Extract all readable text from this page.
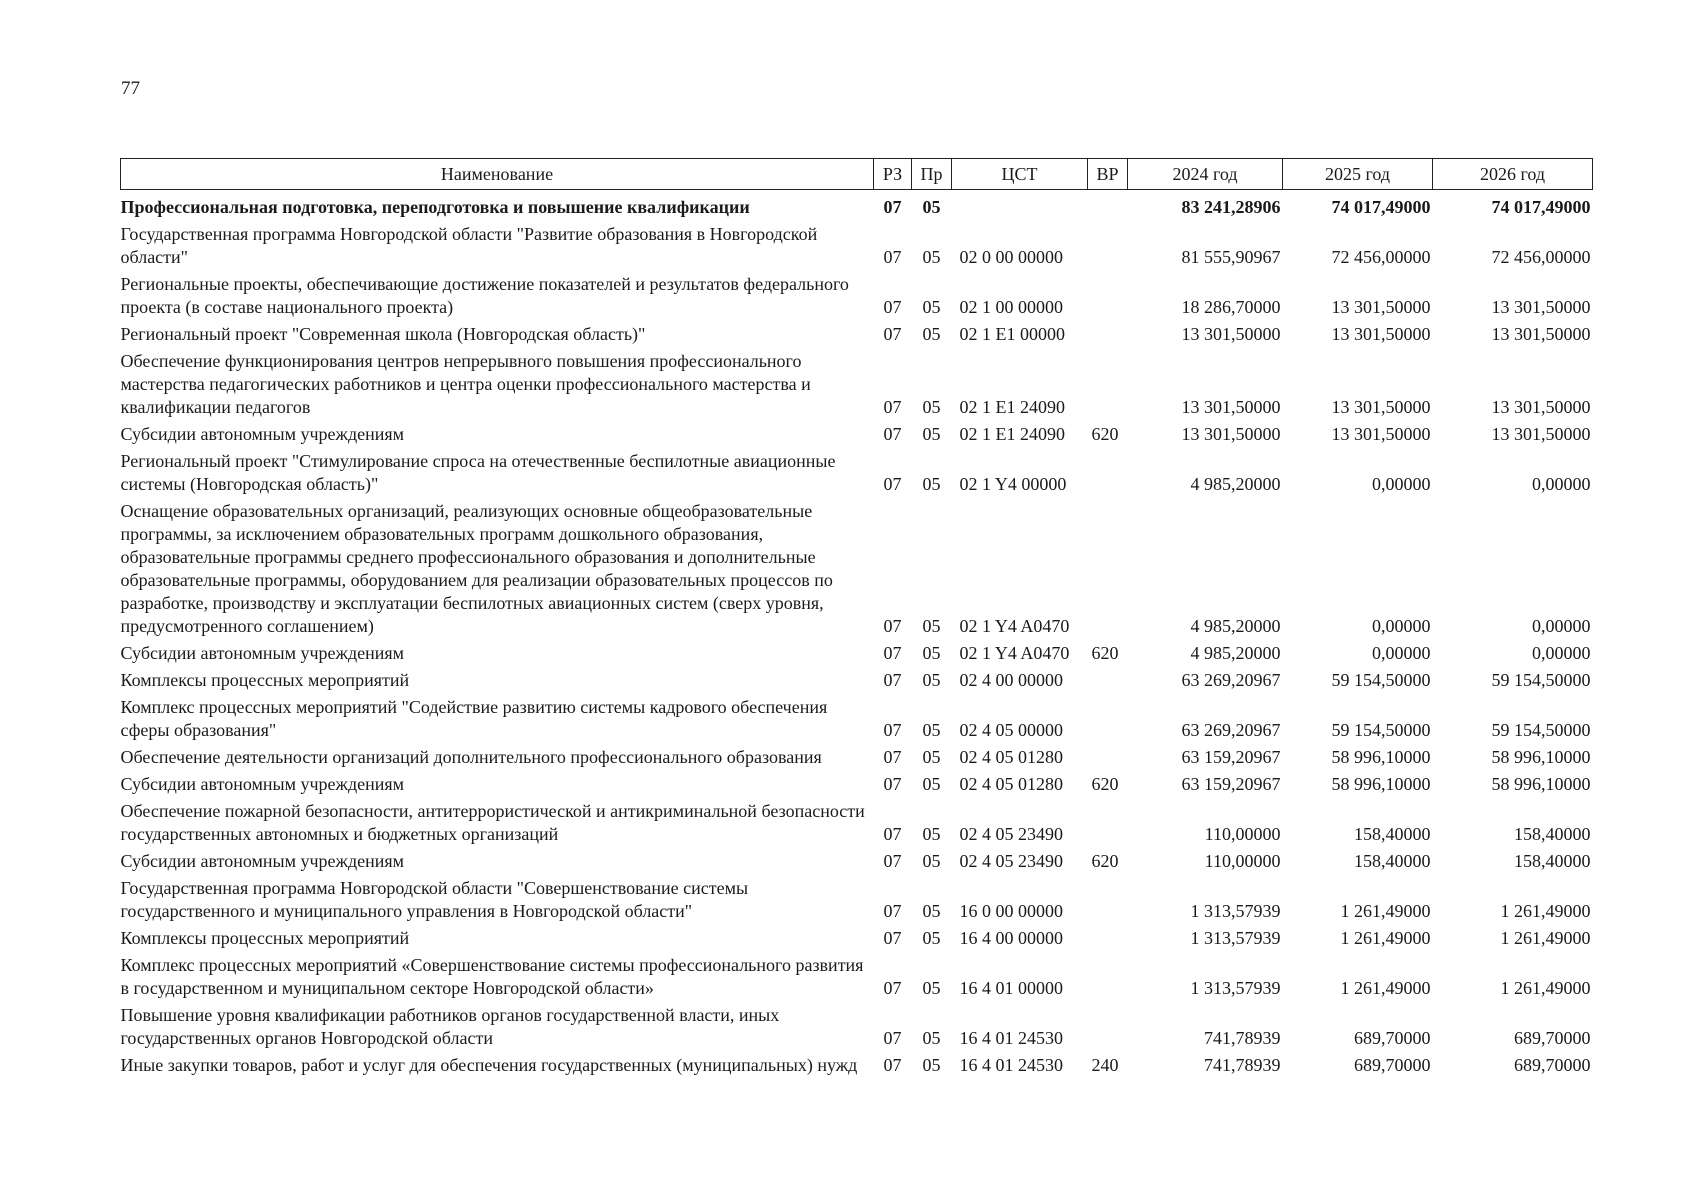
77
Наименование	РЗ	Пр	ЦСТ	ВР	2024 год	2025 год	2026 год
Профессиональная подготовка, переподготовка и повышение квалификации	07	05			83 241,28906	74 017,49000	74 017,49000
Государственная программа Новгородской области "Развитие образования в Новгородской области"	07	05	02 0 00 00000		81 555,90967	72 456,00000	72 456,00000
Региональные проекты, обеспечивающие достижение показателей и результатов федерального проекта (в составе национального проекта)	07	05	02 1 00 00000		18 286,70000	13 301,50000	13 301,50000
Региональный проект "Современная школа (Новгородская область)"	07	05	02 1 E1 00000		13 301,50000	13 301,50000	13 301,50000
Обеспечение функционирования центров непрерывного повышения профессионального мастерства педагогических работников и центра оценки профессионального мастерства и квалификации педагогов	07	05	02 1 E1 24090		13 301,50000	13 301,50000	13 301,50000
Субсидии автономным учреждениям	07	05	02 1 E1 24090	620	13 301,50000	13 301,50000	13 301,50000
Региональный проект "Стимулирование спроса на отечественные беспилотные авиационные системы (Новгородская область)"	07	05	02 1 Y4 00000		4 985,20000	0,00000	0,00000
Оснащение образовательных организаций, реализующих основные общеобразовательные программы, за исключением образовательных программ дошкольного образования, образовательные программы среднего профессионального образования и дополнительные образовательные программы, оборудованием для реализации образовательных процессов по разработке, производству и эксплуатации беспилотных авиационных систем (сверх уровня, предусмотренного соглашением)	07	05	02 1 Y4 A0470		4 985,20000	0,00000	0,00000
Субсидии автономным учреждениям	07	05	02 1 Y4 A0470	620	4 985,20000	0,00000	0,00000
Комплексы процессных мероприятий	07	05	02 4 00 00000		63 269,20967	59 154,50000	59 154,50000
Комплекс процессных мероприятий "Содействие развитию системы кадрового обеспечения сферы образования"	07	05	02 4 05 00000		63 269,20967	59 154,50000	59 154,50000
Обеспечение деятельности организаций дополнительного профессионального образования	07	05	02 4 05 01280		63 159,20967	58 996,10000	58 996,10000
Субсидии автономным учреждениям	07	05	02 4 05 01280	620	63 159,20967	58 996,10000	58 996,10000
Обеспечение пожарной безопасности, антитеррористической и антикриминальной безопасности государственных автономных и бюджетных организаций	07	05	02 4 05 23490		110,00000	158,40000	158,40000
Субсидии автономным учреждениям	07	05	02 4 05 23490	620	110,00000	158,40000	158,40000
Государственная программа Новгородской области "Совершенствование системы государственного и муниципального управления в Новгородской области"	07	05	16 0 00 00000		1 313,57939	1 261,49000	1 261,49000
Комплексы процессных мероприятий	07	05	16 4 00 00000		1 313,57939	1 261,49000	1 261,49000
Комплекс процессных мероприятий «Совершенствование системы профессионального развития в государственном и муниципальном секторе Новгородской области»	07	05	16 4 01 00000		1 313,57939	1 261,49000	1 261,49000
Повышение уровня квалификации работников органов государственной власти, иных государственных органов Новгородской области	07	05	16 4 01 24530		741,78939	689,70000	689,70000
Иные закупки товаров, работ и услуг для обеспечения государственных (муниципальных) нужд	07	05	16 4 01 24530	240	741,78939	689,70000	689,70000
